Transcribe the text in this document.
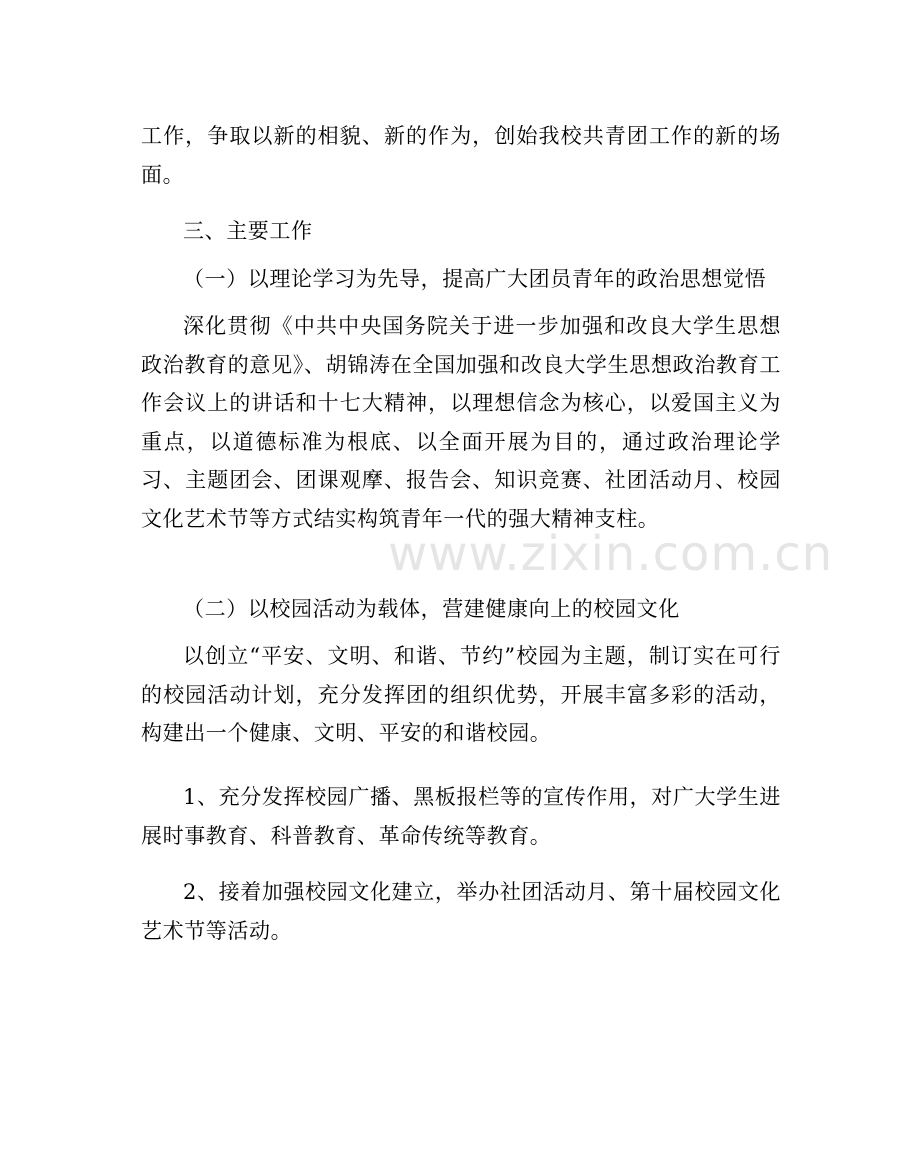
工作，争取以新的相貌、新的作为，创始我校共青团工作的新的场面。

三、主要工作

（一）以理论学习为先导，提高广大团员青年的政治思想觉悟

深化贯彻《中共中央国务院关于进一步加强和改良大学生思想政治教育的意见》、胡锦涛在全国加强和改良大学生思想政治教育工作会议上的讲话和十七大精神，以理想信念为核心，以爱国主义为重点，以道德标准为根底、以全面开展为目的，通过政治理论学习、主题团会、团课观摩、报告会、知识竞赛、社团活动月、校园文化艺术节等方式结实构筑青年一代的强大精神支柱。

（二）以校园活动为载体，营建健康向上的校园文化

以创立“平安、文明、和谐、节约”校园为主题，制订实在可行的校园活动计划，充分发挥团的组织优势，开展丰富多彩的活动，构建出一个健康、文明、平安的和谐校园。

1、充分发挥校园广播、黑板报栏等的宣传作用，对广大学生进展时事教育、科普教育、革命传统等教育。

2、接着加强校园文化建立，举办社团活动月、第十届校园文化艺术节等活动。

www.zixin.com.cn
